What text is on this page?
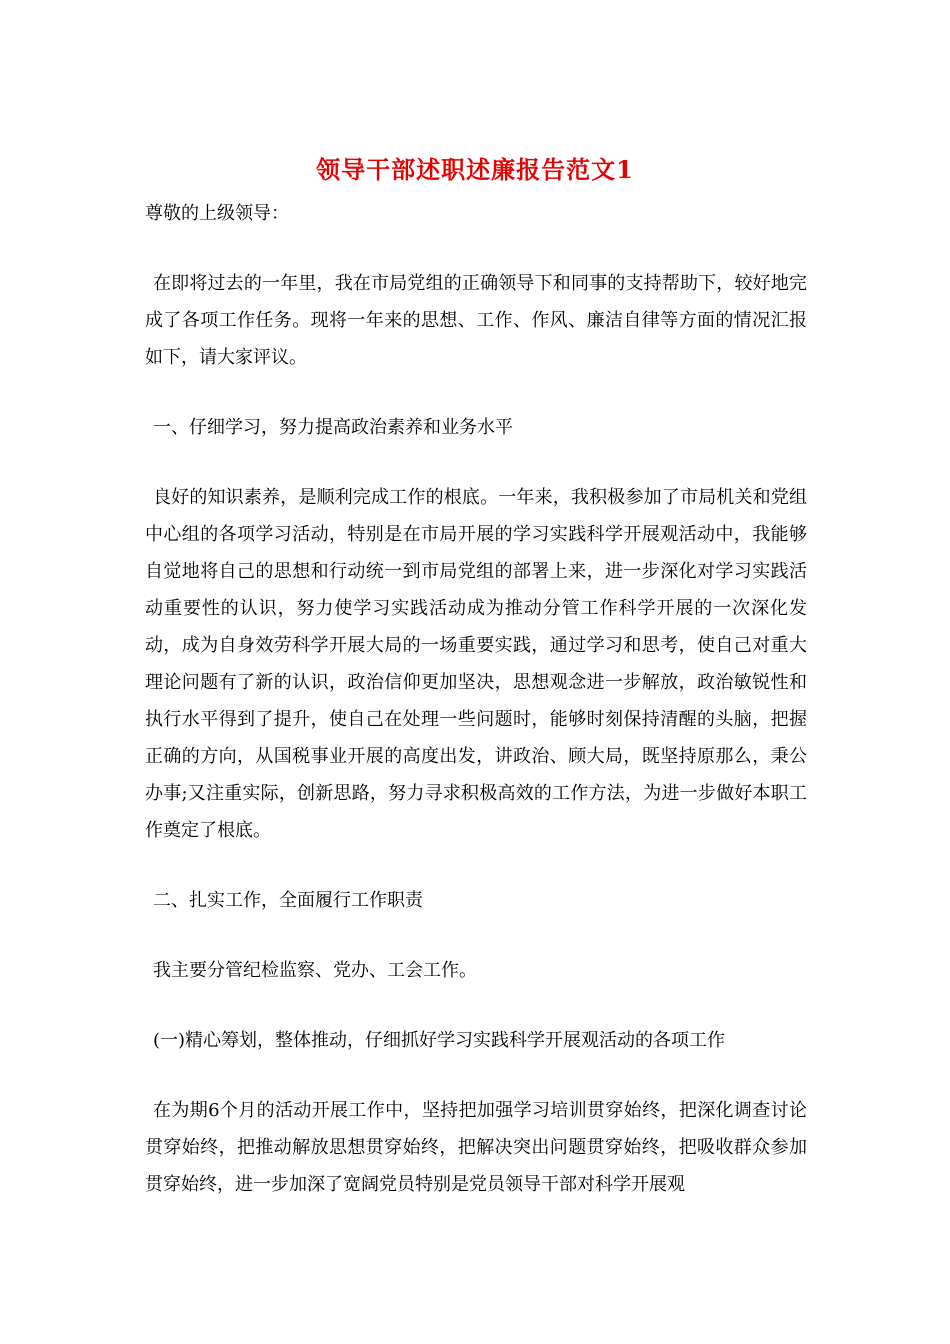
领导干部述职述廉报告范文1

尊敬的上级领导：

在即将过去的一年里，我在市局党组的正确领导下和同事的支持帮助下，较好地完成了各项工作任务。现将一年来的思想、工作、作风、廉洁自律等方面的情况汇报如下，请大家评议。

一、仔细学习，努力提高政治素养和业务水平

良好的知识素养，是顺利完成工作的根底。一年来，我积极参加了市局机关和党组中心组的各项学习活动，特别是在市局开展的学习实践科学开展观活动中，我能够自觉地将自己的思想和行动统一到市局党组的部署上来，进一步深化对学习实践活动重要性的认识，努力使学习实践活动成为推动分管工作科学开展的一次深化发动，成为自身效劳科学开展大局的一场重要实践，通过学习和思考，使自己对重大理论问题有了新的认识，政治信仰更加坚决，思想观念进一步解放，政治敏锐性和执行水平得到了提升，使自己在处理一些问题时，能够时刻保持清醒的头脑，把握正确的方向，从国税事业开展的高度出发，讲政治、顾大局，既坚持原那么，秉公办事;又注重实际，创新思路，努力寻求积极高效的工作方法，为进一步做好本职工作奠定了根底。

二、扎实工作，全面履行工作职责

我主要分管纪检监察、党办、工会工作。

(一)精心筹划，整体推动，仔细抓好学习实践科学开展观活动的各项工作

在为期6个月的活动开展工作中，坚持把加强学习培训贯穿始终，把深化调查讨论贯穿始终，把推动解放思想贯穿始终，把解决突出问题贯穿始终，把吸收群众参加贯穿始终，进一步加深了宽阔党员特别是党员领导干部对科学开展观
